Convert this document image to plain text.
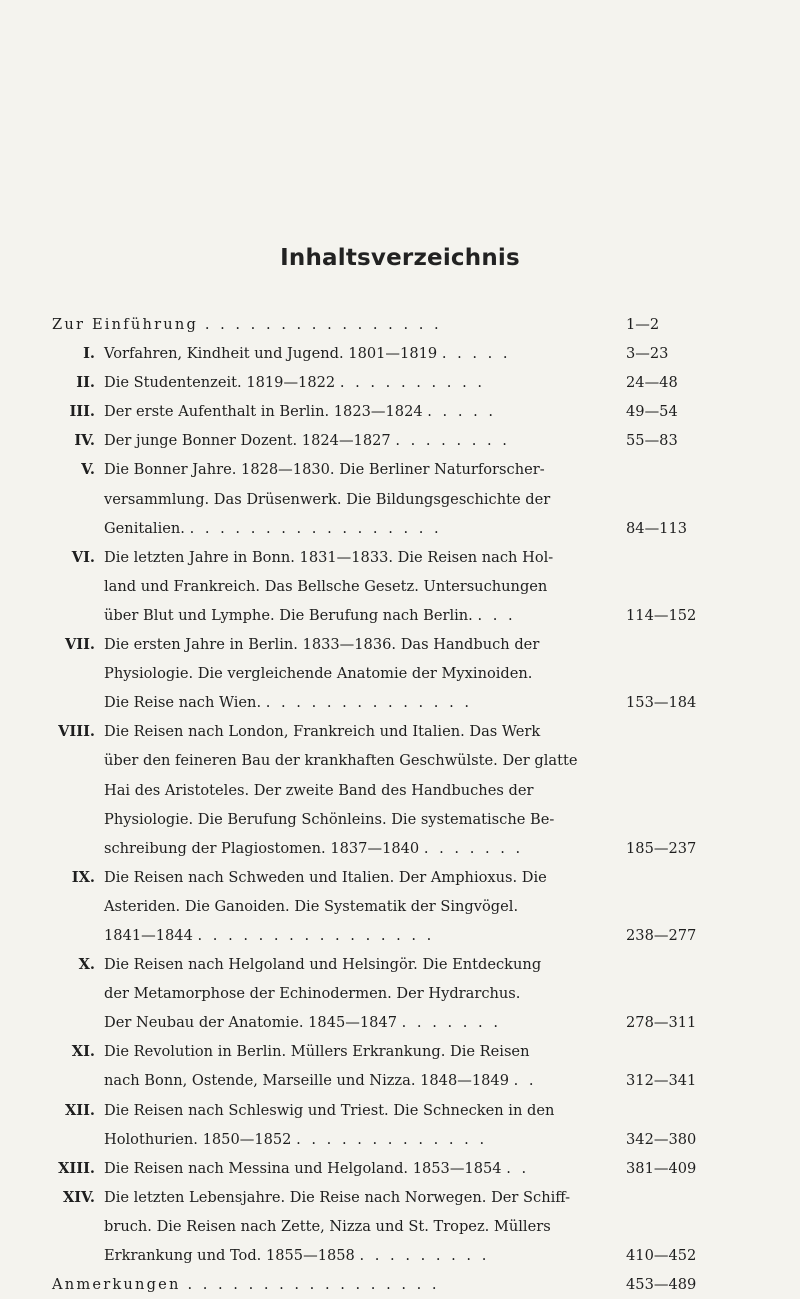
Inhaltsverzeichnis
Zur Einführung . . . . . . . . . . . . . . . .	1—2
I. Vorfahren, Kindheit und Jugend. 1801—1819 . . . . .	3—23
II. Die Studentenzeit. 1819—1822 . . . . . . . . . .	24—48
III. Der erste Aufenthalt in Berlin. 1823—1824 . . . . .	49—54
IV. Der junge Bonner Dozent. 1824—1827 . . . . . . . .	55—83
V. Die Bonner Jahre. 1828—1830. Die Berliner Naturforscher-
versammlung. Das Drüsenwerk. Die Bildungsgeschichte der
Genitalien. . . . . . . . . . . . . . . . . .	84—113
VI. Die letzten Jahre in Bonn. 1831—1833. Die Reisen nach Hol-
land und Frankreich. Das Bellsche Gesetz. Untersuchungen
über Blut und Lymphe. Die Berufung nach Berlin. . . .	114—152
VII. Die ersten Jahre in Berlin. 1833—1836. Das Handbuch der
Physiologie. Die vergleichende Anatomie der Myxinoiden.
Die Reise nach Wien. . . . . . . . . . . . . . .	153—184
VIII. Die Reisen nach London, Frankreich und Italien. Das Werk
über den feineren Bau der krankhaften Geschwülste. Der glatte
Hai des Aristoteles. Der zweite Band des Handbuches der
Physiologie. Die Berufung Schönleins. Die systematische Be-
schreibung der Plagiostomen. 1837—1840 . . . . . . .	185—237
IX. Die Reisen nach Schweden und Italien. Der Amphioxus. Die
Asteriden. Die Ganoiden. Die Systematik der Singvögel.
1841—1844 . . . . . . . . . . . . . . . .	238—277
X. Die Reisen nach Helgoland und Helsingör. Die Entdeckung
der Metamorphose der Echinodermen. Der Hydrarchus.
Der Neubau der Anatomie. 1845—1847 . . . . . . .	278—311
XI. Die Revolution in Berlin. Müllers Erkrankung. Die Reisen
nach Bonn, Ostende, Marseille und Nizza. 1848—1849 . .	312—341
XII. Die Reisen nach Schleswig und Triest. Die Schnecken in den
Holothurien. 1850—1852 . . . . . . . . . . . . .	342—380
XIII. Die Reisen nach Messina und Helgoland. 1853—1854 . .	381—409
XIV. Die letzten Lebensjahre. Die Reise nach Norwegen. Der Schiff-
bruch. Die Reisen nach Zette, Nizza und St. Tropez. Müllers
Erkrankung und Tod. 1855—1858 . . . . . . . . .	410—452
Anmerkungen . . . . . . . . . . . . . . . . .	453—489
